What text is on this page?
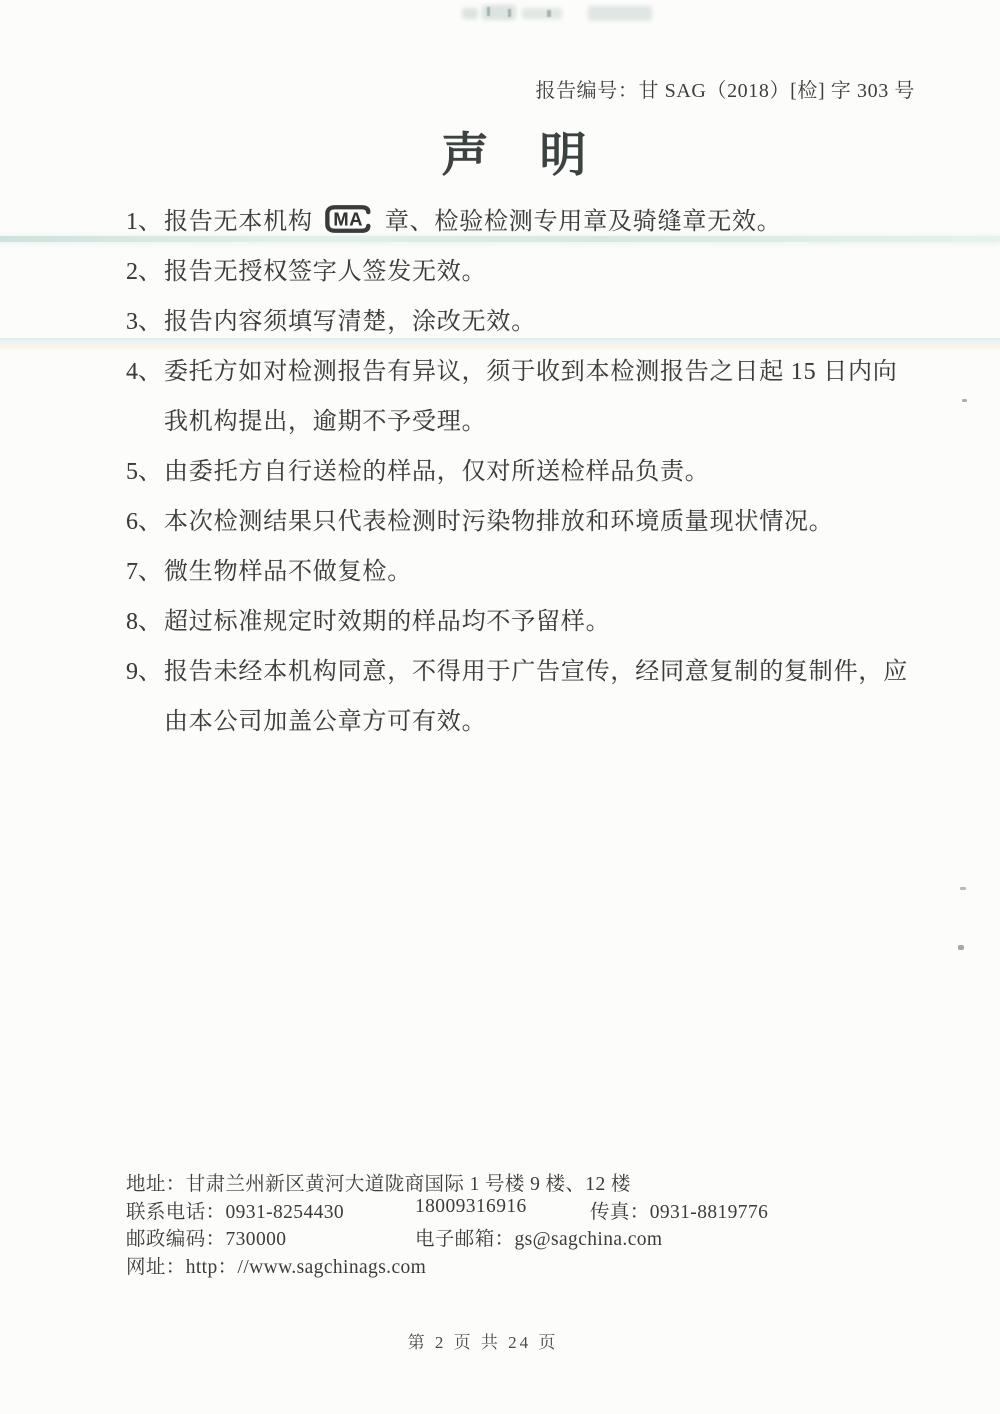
报告编号：甘 SAG（2018）[检] 字 303 号
声　明
1、 报告无本机构 MA 章、检验检测专用章及骑缝章无效。
2、 报告无授权签字人签发无效。
3、 报告内容须填写清楚，涂改无效。
4、 委托方如对检测报告有异议，须于收到本检测报告之日起 15 日内向我机构提出，逾期不予受理。
5、 由委托方自行送检的样品，仅对所送检样品负责。
6、 本次检测结果只代表检测时污染物排放和环境质量现状情况。
7、 微生物样品不做复检。
8、 超过标准规定时效期的样品均不予留样。
9、 报告未经本机构同意，不得用于广告宣传，经同意复制的复制件，应由本公司加盖公章方可有效。
地址：甘肃兰州新区黄河大道陇商国际 1 号楼 9 楼、12 楼
联系电话：0931-8254430	18009316916	传真：0931-8819776
邮政编码：730000	电子邮箱：gs@sagchina.com
网址：http：//www.sagchinags.com
第 2 页 共 24 页
